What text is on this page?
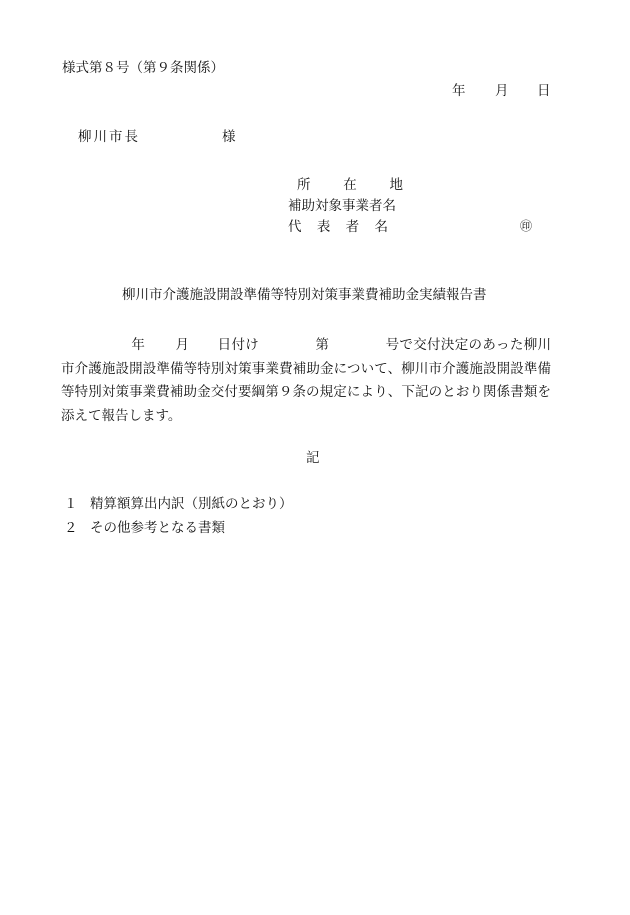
様式第８号（第９条関係）
年 月 日
柳川市長	様
所 在 地
補助対象事業者名
代 表 者 名	㊞
柳川市介護施設開設準備等特別対策事業費補助金実績報告書
年 月 日付け	第	号で交付決定のあった柳川市介護施設開設準備等特別対策事業費補助金について、柳川市介護施設開設準備等特別対策事業費補助金交付要綱第９条の規定により、下記のとおり関係書類を添えて報告します。
記
１ 精算額算出内訳（別紙のとおり）
２ その他参考となる書類
